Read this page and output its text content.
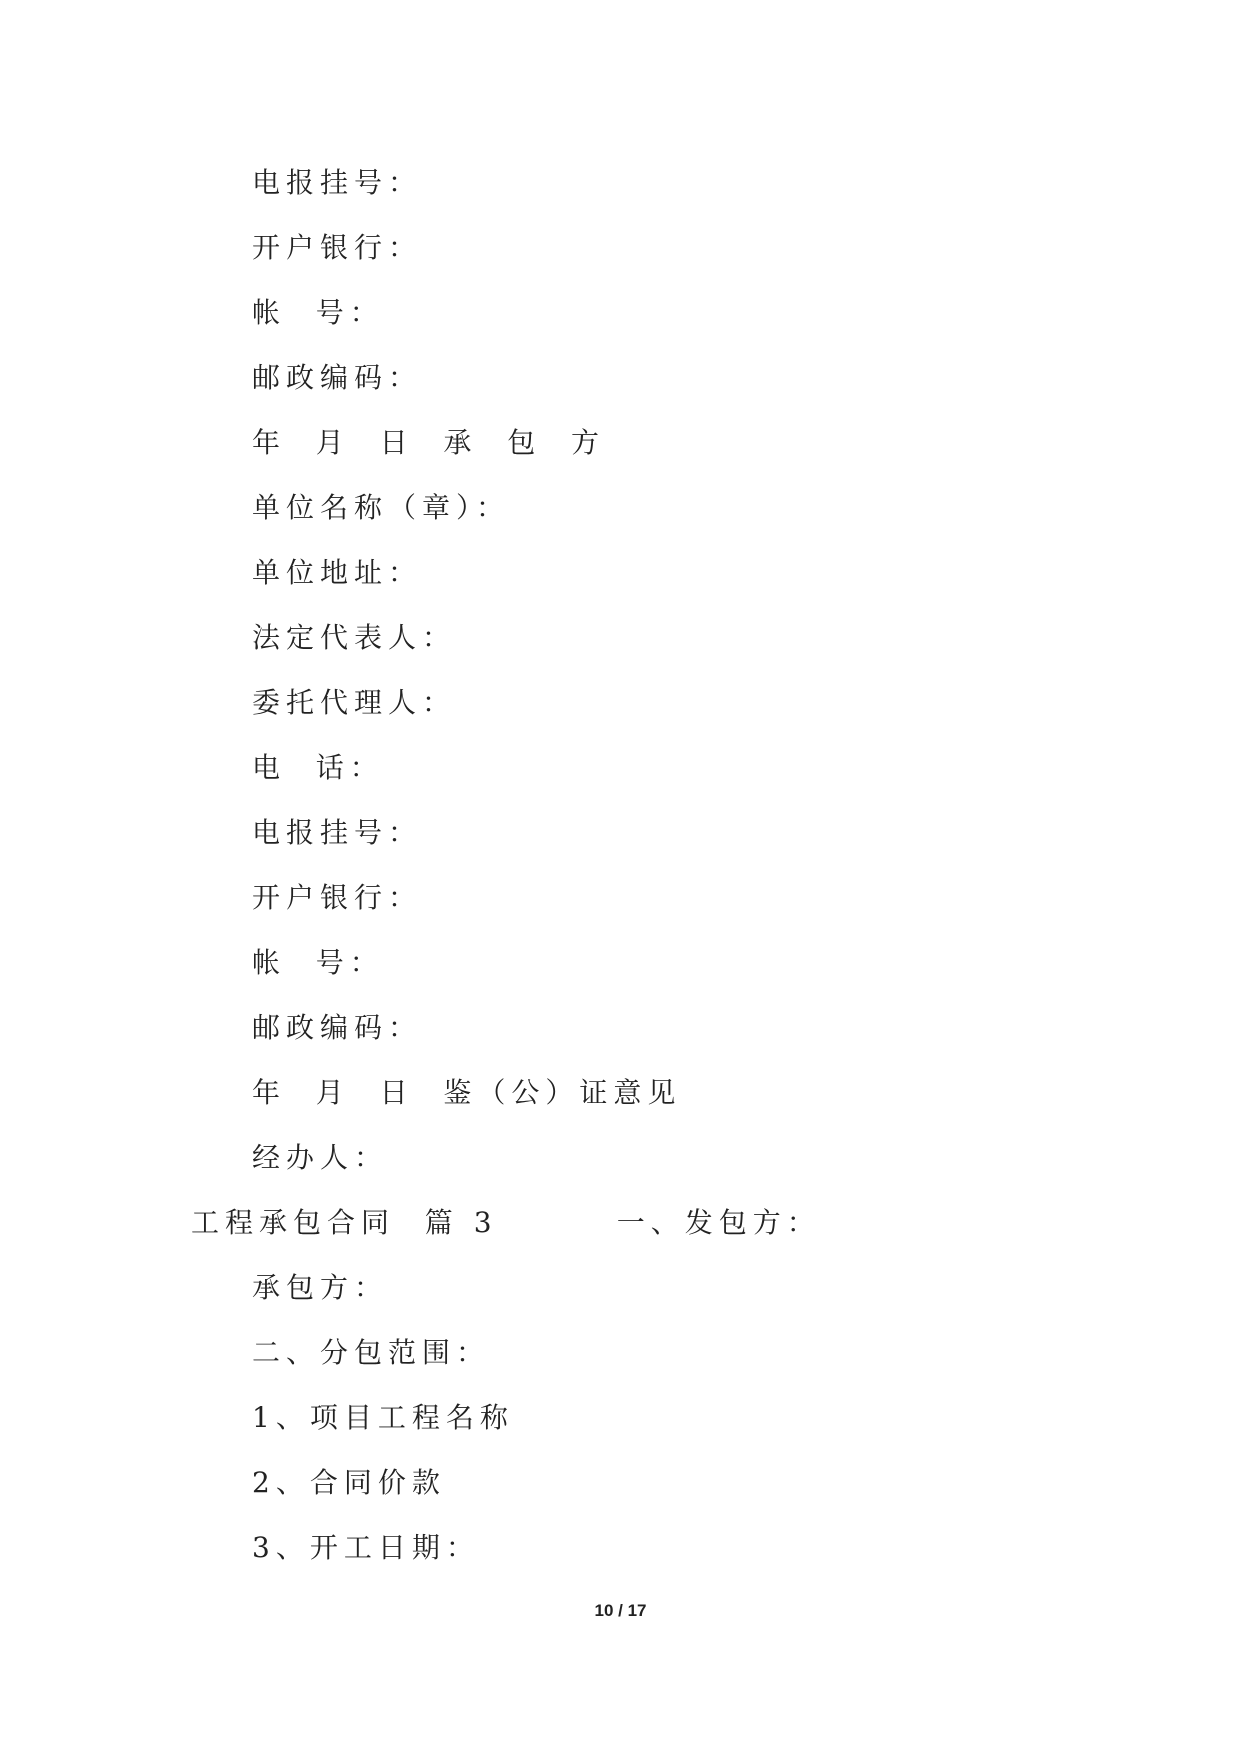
电报挂号：
开户银行：
帐  号：
邮政编码：
年  月  日  承  包  方
单位名称（章）：
单位地址：
法定代表人：
委托代理人：
电  话：
电报挂号：
开户银行：
帐  号：
邮政编码：
年  月  日  鉴（公）证意见
经办人：
工程承包合同  篇 3        一、发包方：
承包方：
二、分包范围：
1、项目工程名称
2、合同价款
3、开工日期：
10 / 17
